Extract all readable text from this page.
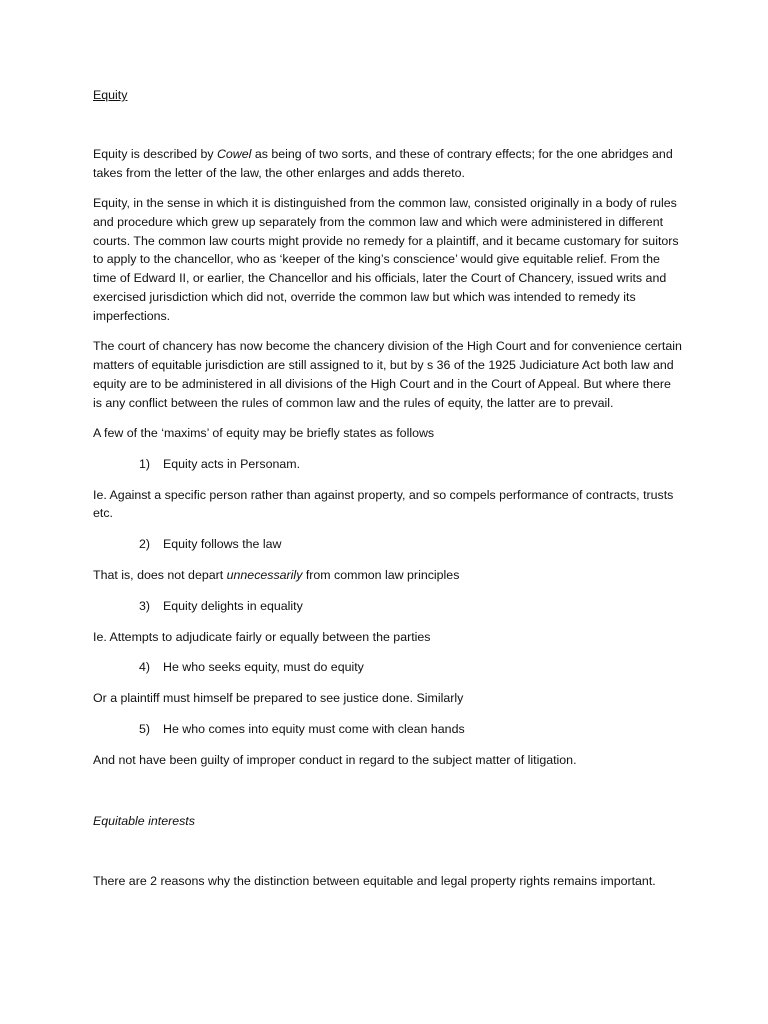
Equity

Equity is described by Cowel as being of two sorts, and these of contrary effects; for the one abridges and takes from the letter of the law, the other enlarges and adds thereto.

Equity, in the sense in which it is distinguished from the common law, consisted originally in a body of rules and procedure which grew up separately from the common law and which were administered in different courts. The common law courts might provide no remedy for a plaintiff, and it became customary for suitors to apply to the chancellor, who as ‘keeper of the king’s conscience’ would give equitable relief. From the time of Edward II, or earlier, the Chancellor and his officials, later the Court of Chancery, issued writs and exercised jurisdiction which did not, override the common law but which was intended to remedy its imperfections.

The court of chancery has now become the chancery division of the High Court and for convenience certain matters of equitable jurisdiction are still assigned to it, but by s 36 of the 1925 Judiciature Act both law and equity are to be administered in all divisions of the High Court and in the Court of Appeal. But where there is any conflict between the rules of common law and the rules of equity, the latter are to prevail.

A few of the ‘maxims’ of equity may be briefly states as follows

1) Equity acts in Personam.

Ie. Against a specific person rather than against property, and so compels performance of contracts, trusts etc.

2) Equity follows the law

That is, does not depart unnecessarily from common law principles

3) Equity delights in equality

Ie. Attempts to adjudicate fairly or equally between the parties

4) He who seeks equity, must do equity

Or a plaintiff must himself be prepared to see justice done. Similarly

5) He who comes into equity must come with clean hands

And not have been guilty of improper conduct in regard to the subject matter of litigation.

Equitable interests

There are 2 reasons why the distinction between equitable and legal property rights remains important.
